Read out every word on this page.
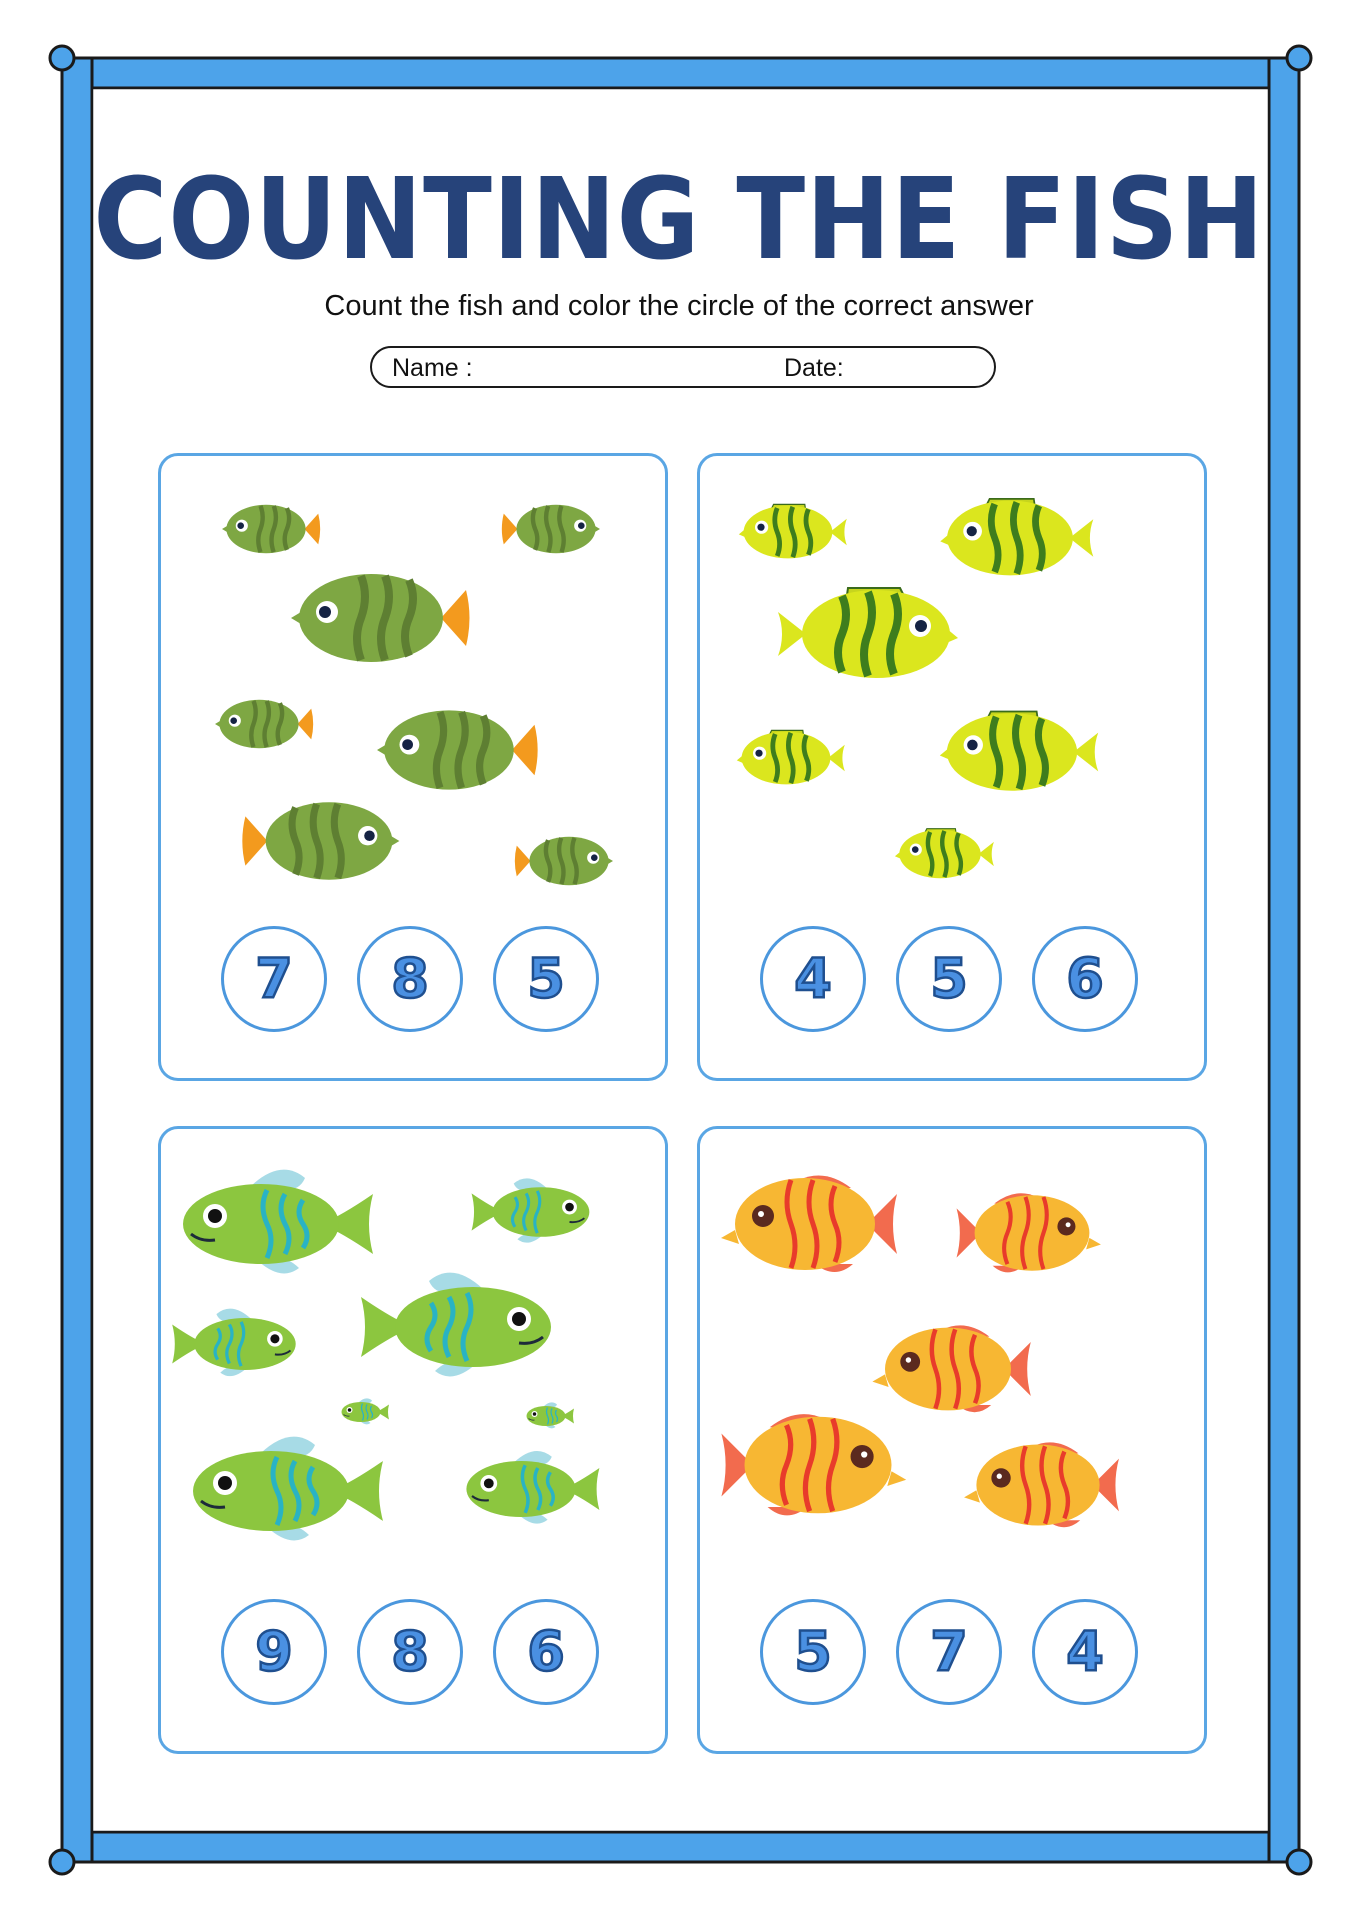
COUNTING THE FISH
Count the fish and color the circle of the correct answer
Name :	Date:
7	8	5	4	5	6
9	8	6	5	7	4
